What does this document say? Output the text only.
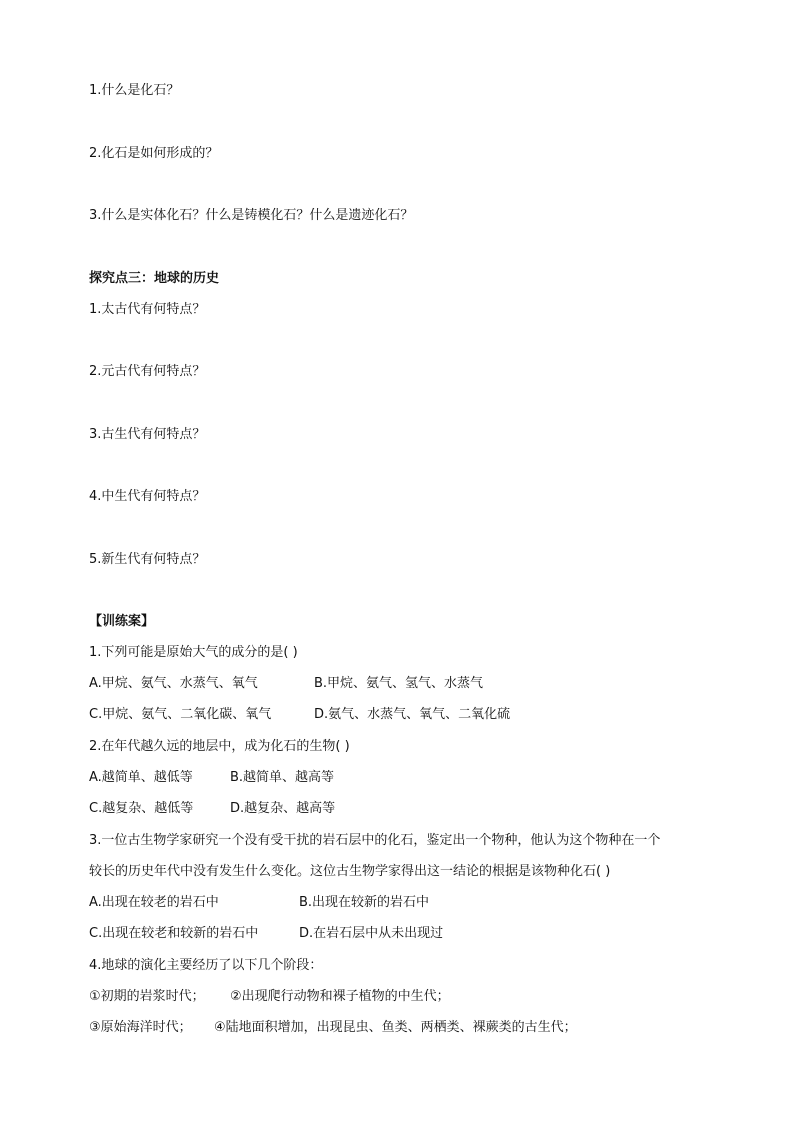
1.什么是化石？
2.化石是如何形成的？
3.什么是实体化石？什么是铸模化石？什么是遗迹化石？
探究点三：地球的历史
1.太古代有何特点？
2.元古代有何特点？
3.古生代有何特点？
4.中生代有何特点？
5.新生代有何特点？
【训练案】
1.下列可能是原始大气的成分的是( )
A.甲烷、氨气、水蒸气、氧气	B.甲烷、氨气、氢气、水蒸气
C.甲烷、氨气、二氧化碳、氧气	D.氨气、水蒸气、氧气、二氧化硫
2.在年代越久远的地层中，成为化石的生物( )
A.越简单、越低等	B.越简单、越高等
C.越复杂、越低等	D.越复杂、越高等
3.一位古生物学家研究一个没有受干扰的岩石层中的化石，鉴定出一个物种，他认为这个物种在一个
较长的历史年代中没有发生什么变化。这位古生物学家得出这一结论的根据是该物种化石( )
A.出现在较老的岩石中	B.出现在较新的岩石中
C.出现在较老和较新的岩石中	D.在岩石层中从未出现过
4.地球的演化主要经历了以下几个阶段：
①初期的岩浆时代； ②出现爬行动物和裸子植物的中生代；
③原始海洋时代； ④陆地面积增加，出现昆虫、鱼类、两栖类、裸蕨类的古生代；
